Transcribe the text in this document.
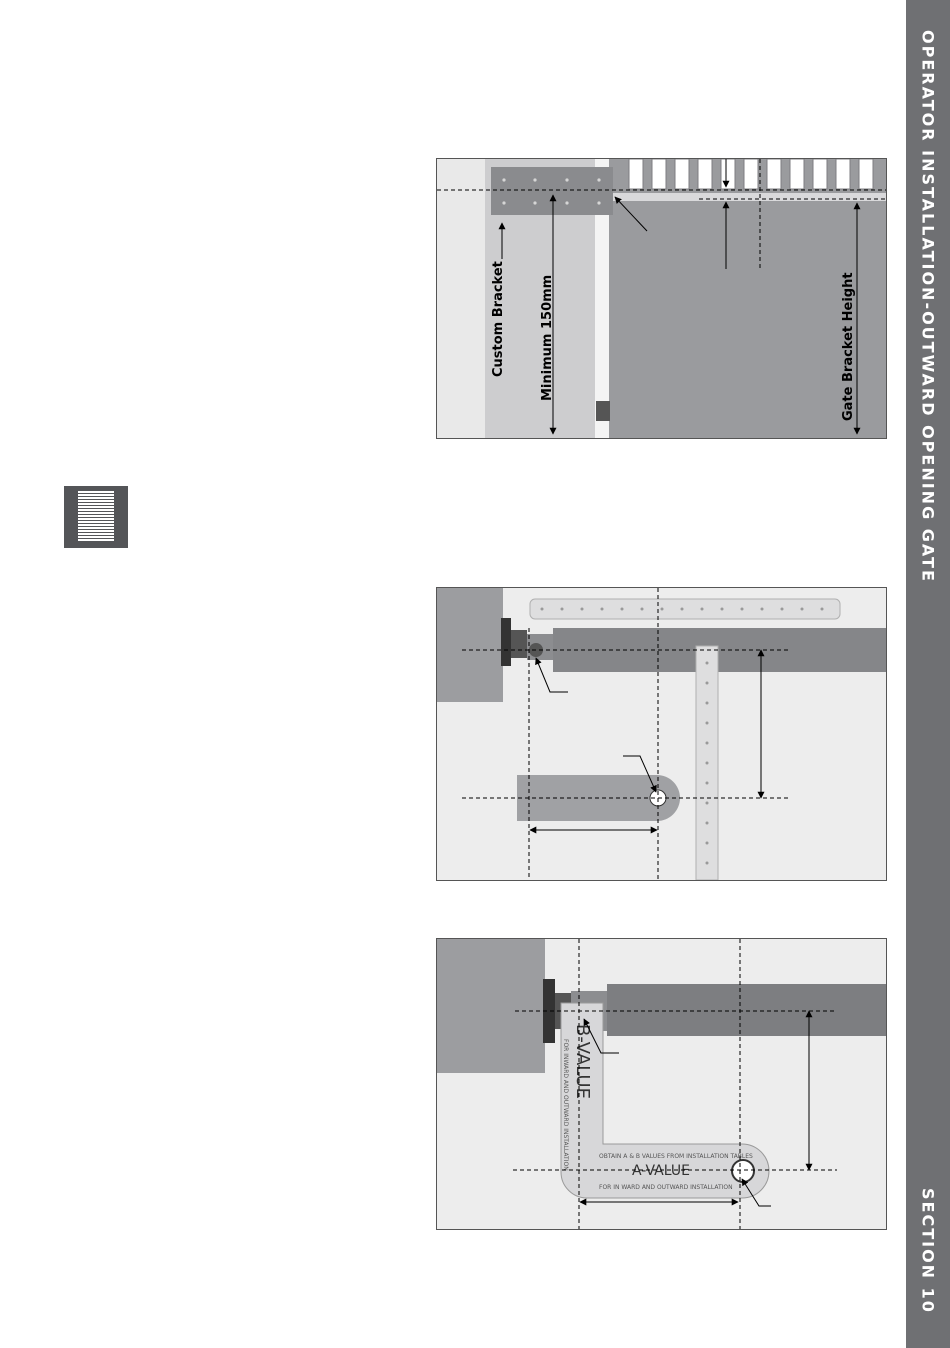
OPERATOR INSTALLATION-OUTWARD OPENING GATE
SECTION 10
Custom Bracket	Minimum 150mm	Gate Bracket Height
B-VALUE
FOR INWARD AND OUTWARD INSTALLATION	OBTAIN A & B VALUES FROM INSTALLATION TABLES
A-VALUE
FOR IN WARD AND OUTWARD INSTALLATION
